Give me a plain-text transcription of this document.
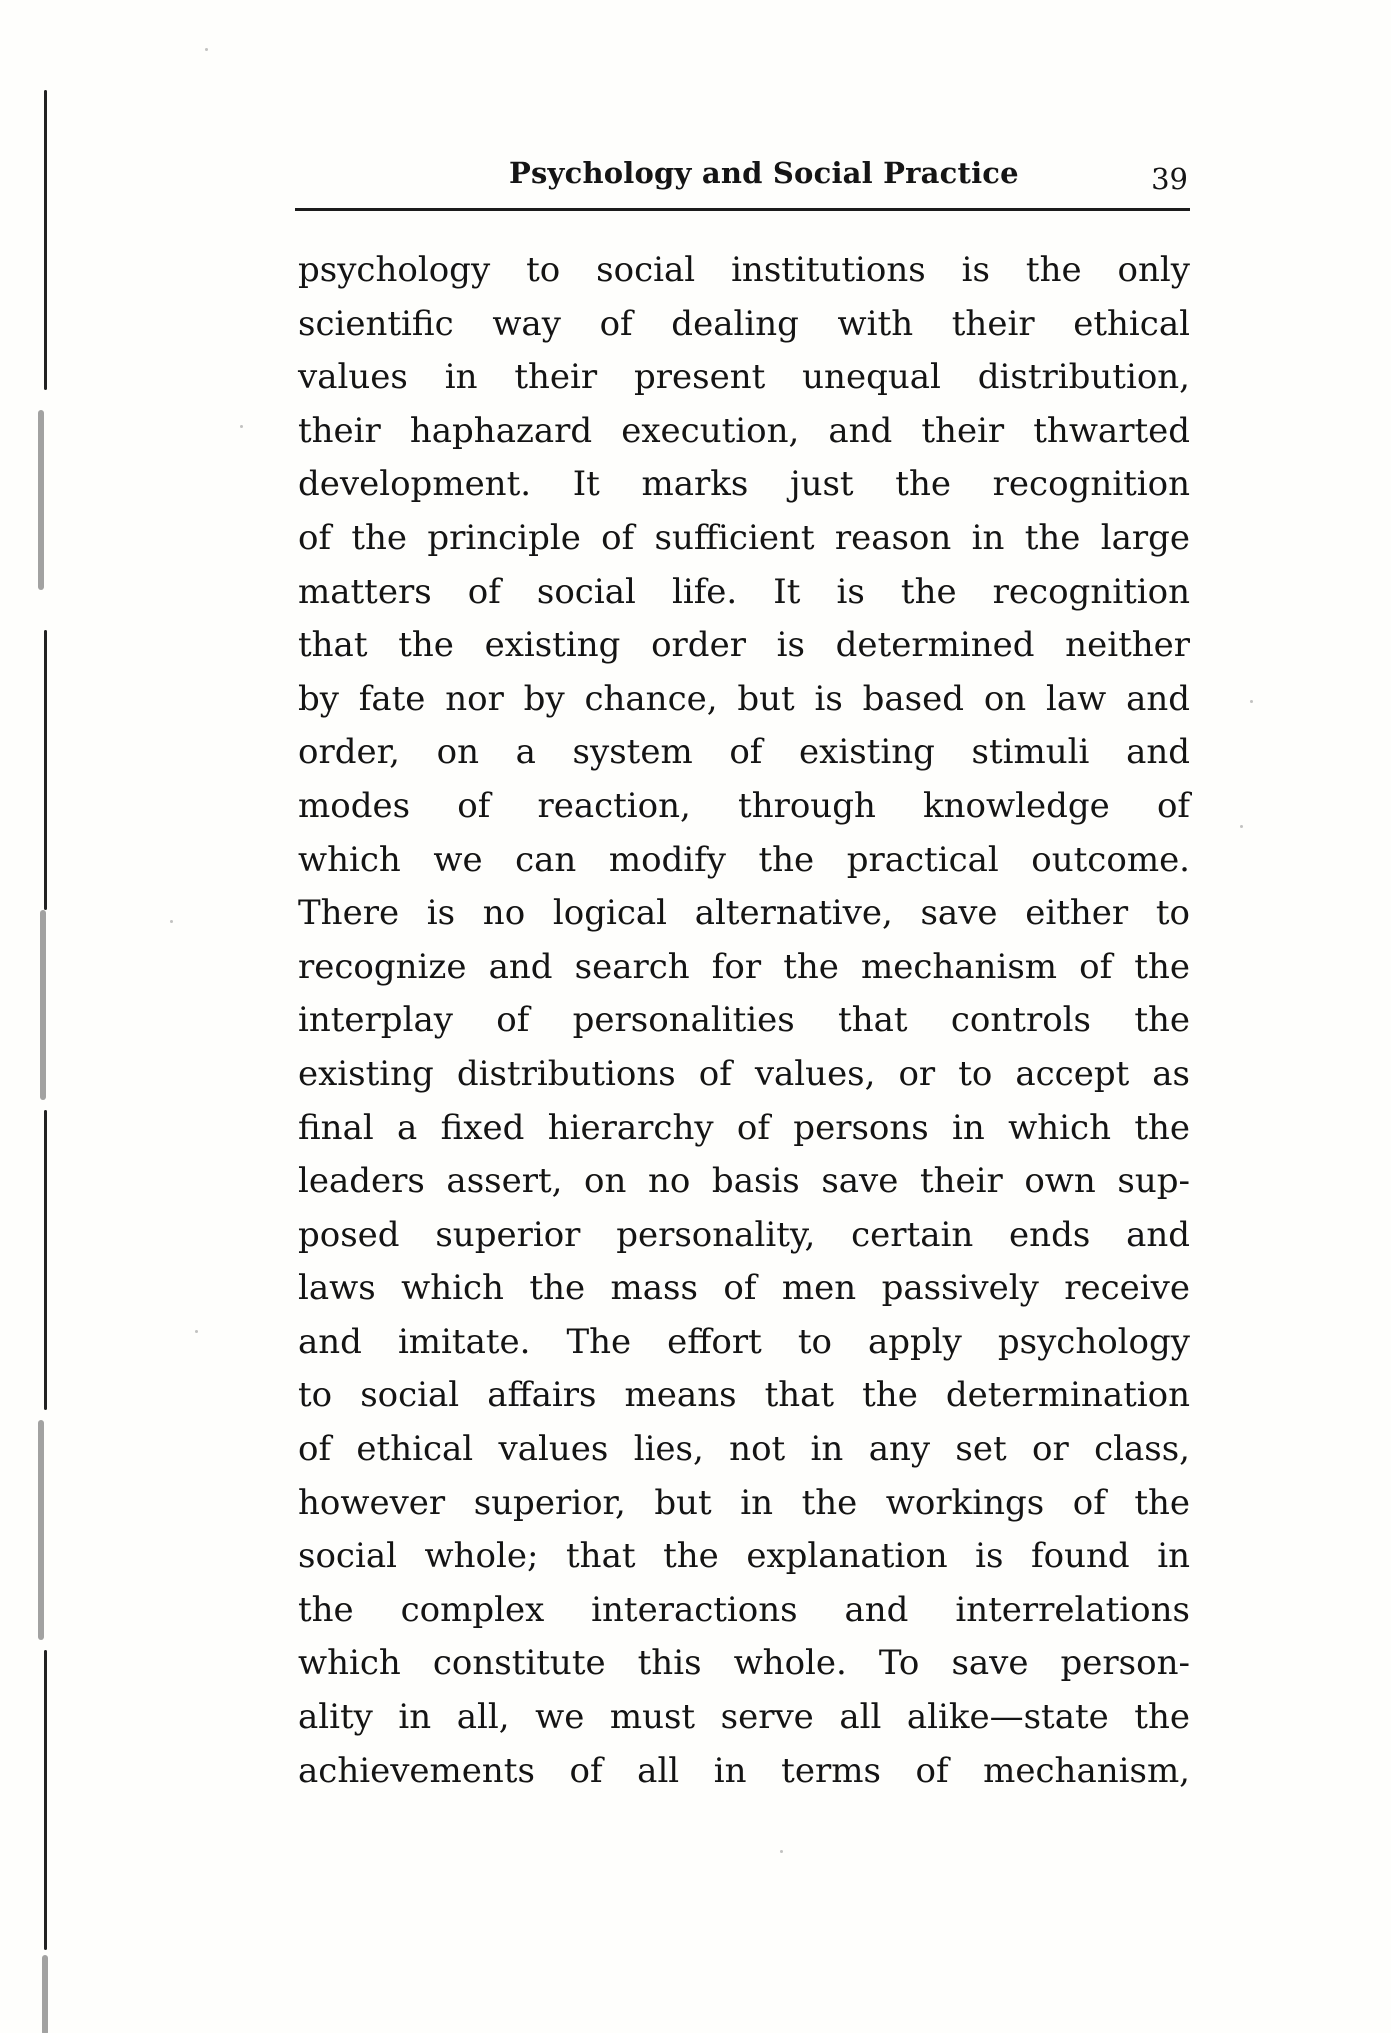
Psychology and Social Practice	39
psychology to social institutions is the only
scientific way of dealing with their ethical
values in their present unequal distribution,
their haphazard execution, and their thwarted
development. It marks just the recognition
of the principle of sufficient reason in the large
matters of social life. It is the recognition
that the existing order is determined neither
by fate nor by chance, but is based on law and
order, on a system of existing stimuli and
modes of reaction, through knowledge of
which we can modify the practical outcome.
There is no logical alternative, save either to
recognize and search for the mechanism of the
interplay of personalities that controls the
existing distributions of values, or to accept as
final a fixed hierarchy of persons in which the
leaders assert, on no basis save their own sup-
posed superior personality, certain ends and
laws which the mass of men passively receive
and imitate. The effort to apply psychology
to social affairs means that the determination
of ethical values lies, not in any set or class,
however superior, but in the workings of the
social whole; that the explanation is found in
the complex interactions and interrelations
which constitute this whole. To save person-
ality in all, we must serve all alike—state the
achievements of all in terms of mechanism,
